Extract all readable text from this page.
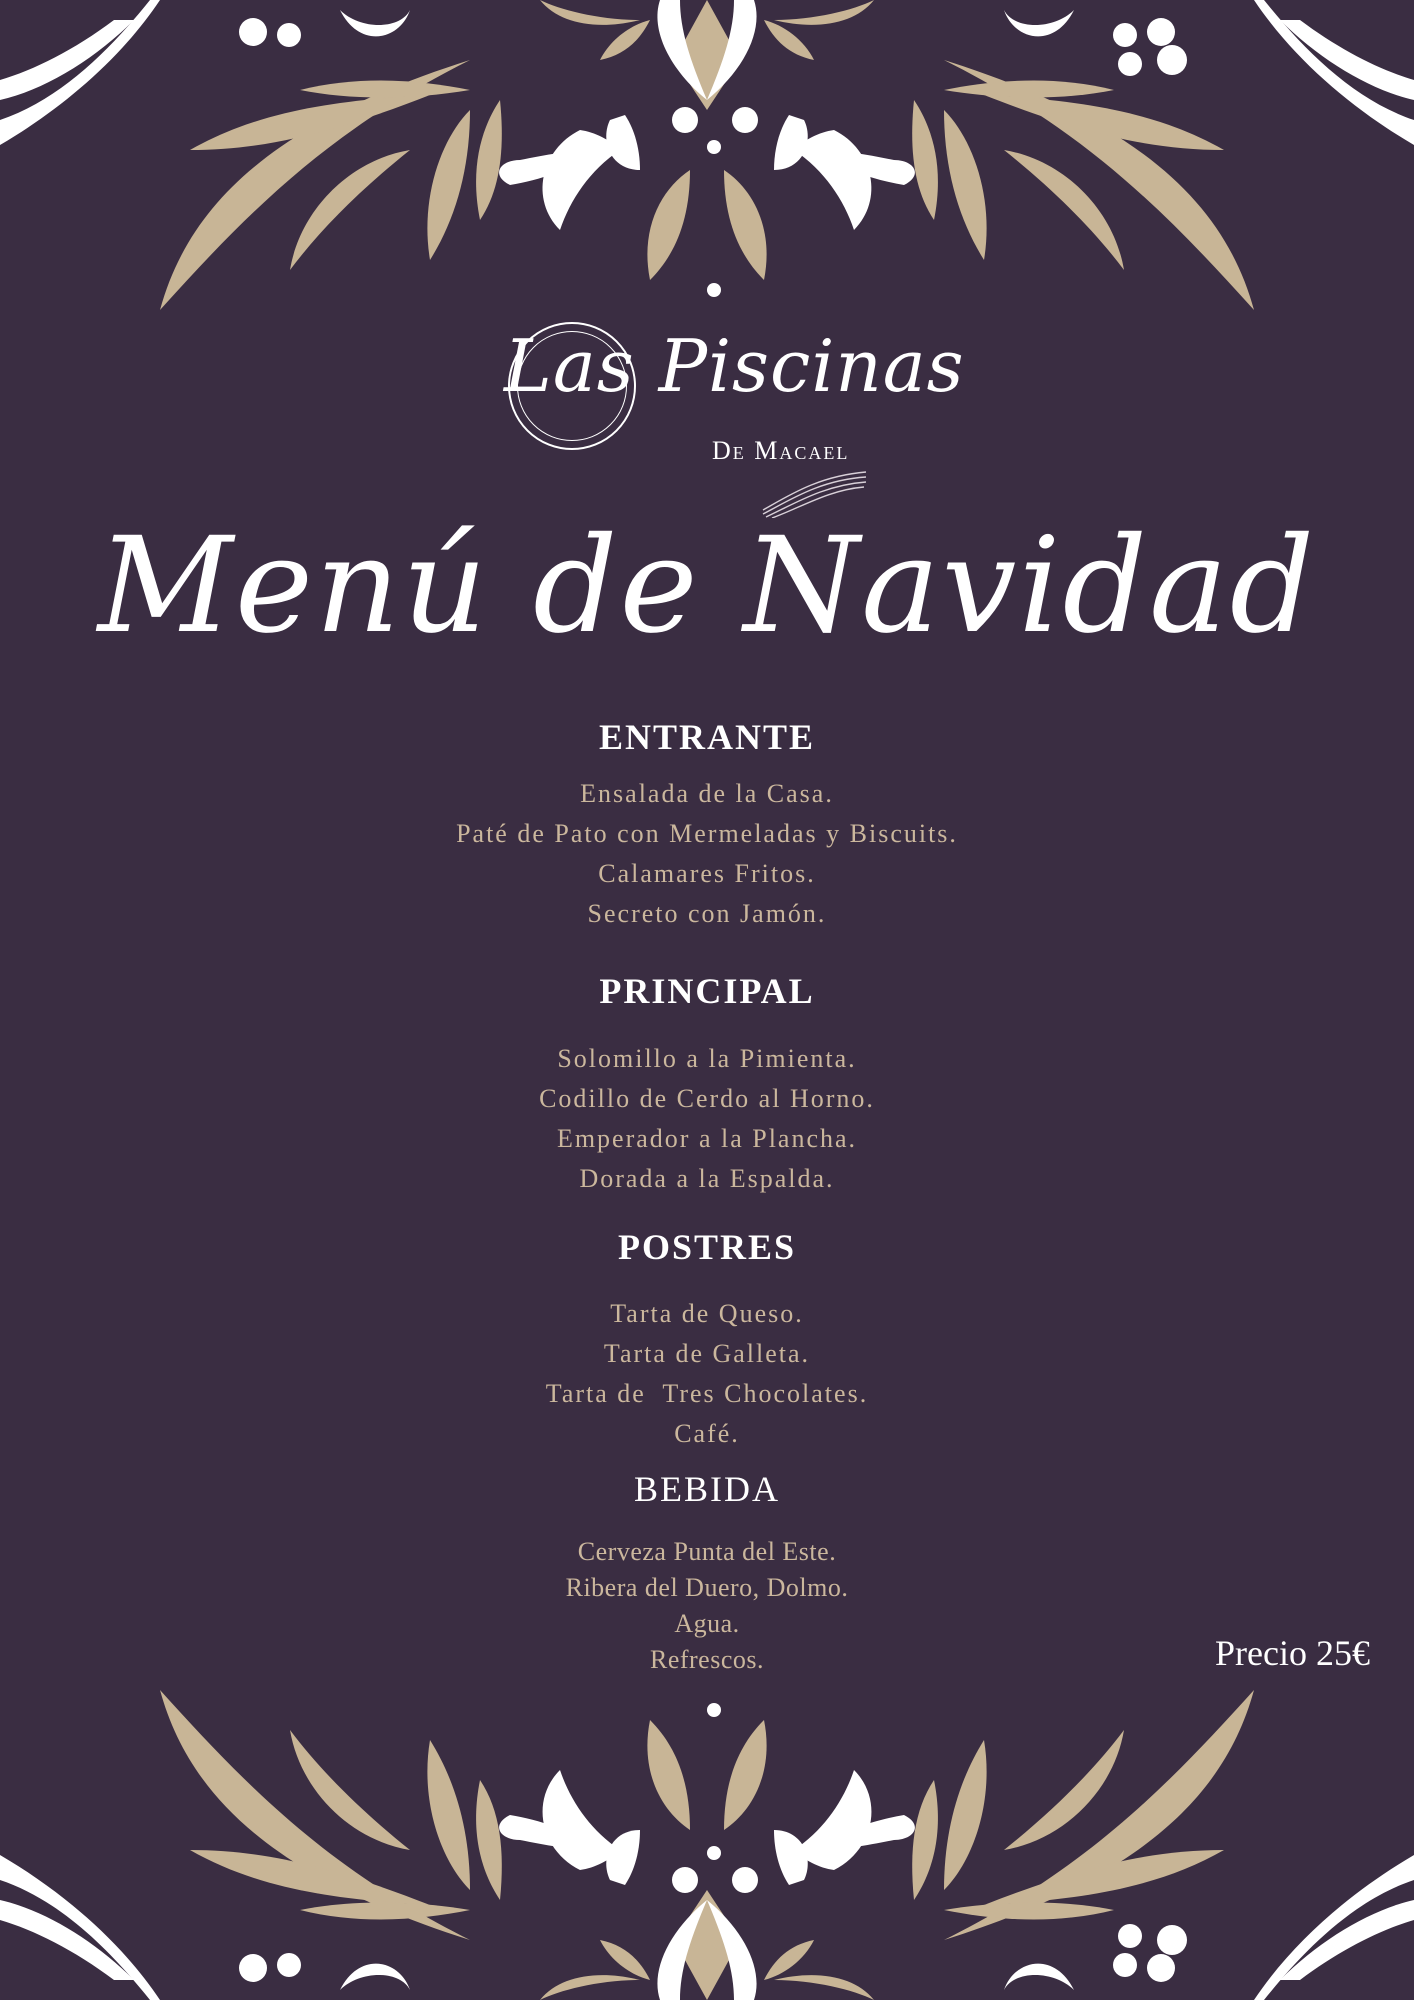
Las Piscinas
De Macael
Menú de Navidad
ENTRANTE
Ensalada de la Casa.
Paté de Pato con Mermeladas y Biscuits.
Calamares Fritos.
Secreto con Jamón.
PRINCIPAL
Solomillo a la Pimienta.
Codillo de Cerdo al Horno.
Emperador a la Plancha.
Dorada a la Espalda.
POSTRES
Tarta de Queso.
Tarta de Galleta.
Tarta de  Tres Chocolates.
Café.
BEBIDA
Cerveza Punta del Este.
Ribera del Duero, Dolmo.
Agua.
Refrescos.	Precio 25€
